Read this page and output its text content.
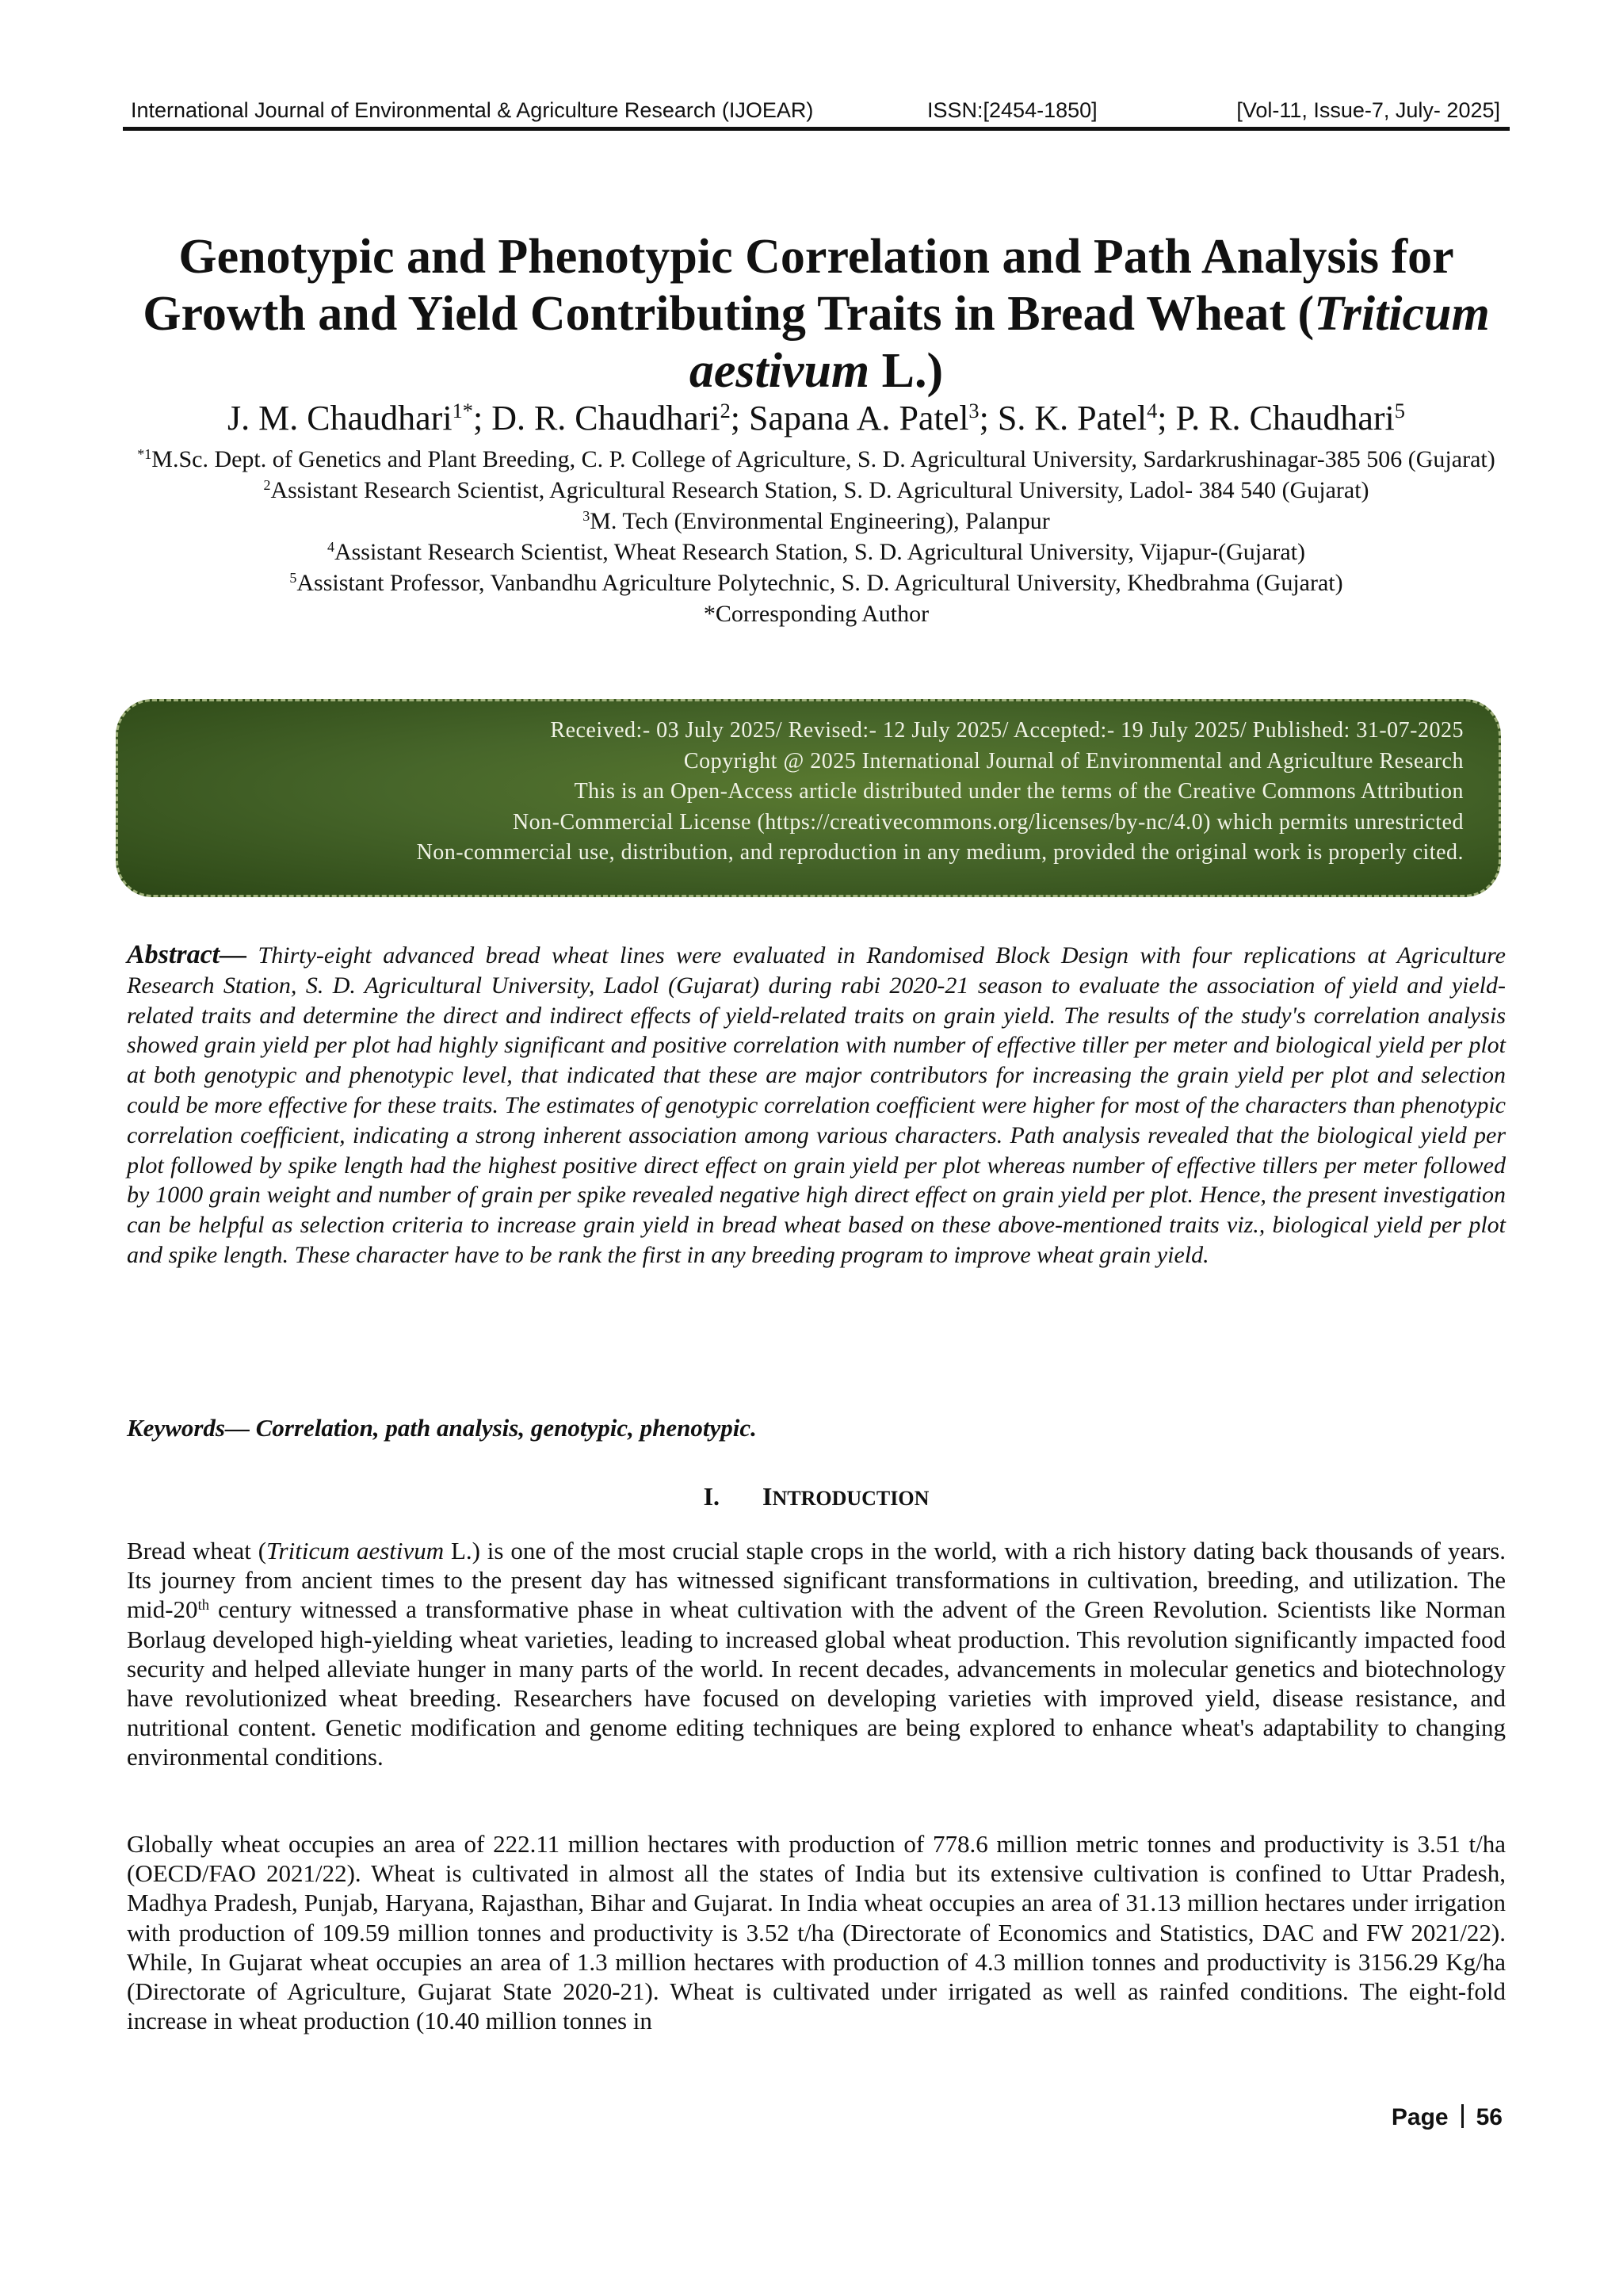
International Journal of Environmental & Agriculture Research (IJOEAR)	ISSN:[2454-1850]	[Vol-11, Issue-7, July- 2025]
Genotypic and Phenotypic Correlation and Path Analysis for Growth and Yield Contributing Traits in Bread Wheat (Triticum aestivum L.)
J. M. Chaudhari$^{1*}$; D. R. Chaudhari$^2$; Sapana A. Patel$^3$; S. K. Patel$^4$; P. R. Chaudhari$^5$
$^{*1}$M.Sc. Dept. of Genetics and Plant Breeding, C. P. College of Agriculture, S. D. Agricultural University, Sardarkrushinagar-385 506 (Gujarat)
$^2$Assistant Research Scientist, Agricultural Research Station, S. D. Agricultural University, Ladol- 384 540 (Gujarat)
$^3$M. Tech (Environmental Engineering), Palanpur
$^4$Assistant Research Scientist, Wheat Research Station, S. D. Agricultural University, Vijapur-(Gujarat)
$^5$Assistant Professor, Vanbandhu Agriculture Polytechnic, S. D. Agricultural University, Khedbrahma (Gujarat)
*Corresponding Author
Received:- 03 July 2025/ Revised:- 12 July 2025/ Accepted:- 19 July 2025/ Published: 31-07-2025
Copyright @ 2025 International Journal of Environmental and Agriculture Research
This is an Open-Access article distributed under the terms of the Creative Commons Attribution
Non-Commercial License (https://creativecommons.org/licenses/by-nc/4.0) which permits unrestricted
Non-commercial use, distribution, and reproduction in any medium, provided the original work is properly cited.
Abstract— Thirty-eight advanced bread wheat lines were evaluated in Randomised Block Design with four replications at Agriculture Research Station, S. D. Agricultural University, Ladol (Gujarat) during rabi 2020-21 season to evaluate the association of yield and yield-related traits and determine the direct and indirect effects of yield-related traits on grain yield. The results of the study's correlation analysis showed grain yield per plot had highly significant and positive correlation with number of effective tiller per meter and biological yield per plot at both genotypic and phenotypic level, that indicated that these are major contributors for increasing the grain yield per plot and selection could be more effective for these traits. The estimates of genotypic correlation coefficient were higher for most of the characters than phenotypic correlation coefficient, indicating a strong inherent association among various characters. Path analysis revealed that the biological yield per plot followed by spike length had the highest positive direct effect on grain yield per plot whereas number of effective tillers per meter followed by 1000 grain weight and number of grain per spike revealed negative high direct effect on grain yield per plot. Hence, the present investigation can be helpful as selection criteria to increase grain yield in bread wheat based on these above-mentioned traits viz., biological yield per plot and spike length. These character have to be rank the first in any breeding program to improve wheat grain yield.
Keywords— Correlation, path analysis, genotypic, phenotypic.
I. INTRODUCTION
Bread wheat (Triticum aestivum L.) is one of the most crucial staple crops in the world, with a rich history dating back thousands of years. Its journey from ancient times to the present day has witnessed significant transformations in cultivation, breeding, and utilization. The mid-20th century witnessed a transformative phase in wheat cultivation with the advent of the Green Revolution. Scientists like Norman Borlaug developed high-yielding wheat varieties, leading to increased global wheat production. This revolution significantly impacted food security and helped alleviate hunger in many parts of the world. In recent decades, advancements in molecular genetics and biotechnology have revolutionized wheat breeding. Researchers have focused on developing varieties with improved yield, disease resistance, and nutritional content. Genetic modification and genome editing techniques are being explored to enhance wheat's adaptability to changing environmental conditions.
Globally wheat occupies an area of 222.11 million hectares with production of 778.6 million metric tonnes and productivity is 3.51 t/ha (OECD/FAO 2021/22). Wheat is cultivated in almost all the states of India but its extensive cultivation is confined to Uttar Pradesh, Madhya Pradesh, Punjab, Haryana, Rajasthan, Bihar and Gujarat. In India wheat occupies an area of 31.13 million hectares under irrigation with production of 109.59 million tonnes and productivity is 3.52 t/ha (Directorate of Economics and Statistics, DAC and FW 2021/22). While, In Gujarat wheat occupies an area of 1.3 million hectares with production of 4.3 million tonnes and productivity is 3156.29 Kg/ha (Directorate of Agriculture, Gujarat State 2020-21). Wheat is cultivated under irrigated as well as rainfed conditions. The eight-fold increase in wheat production (10.40 million tonnes in
Page 56
